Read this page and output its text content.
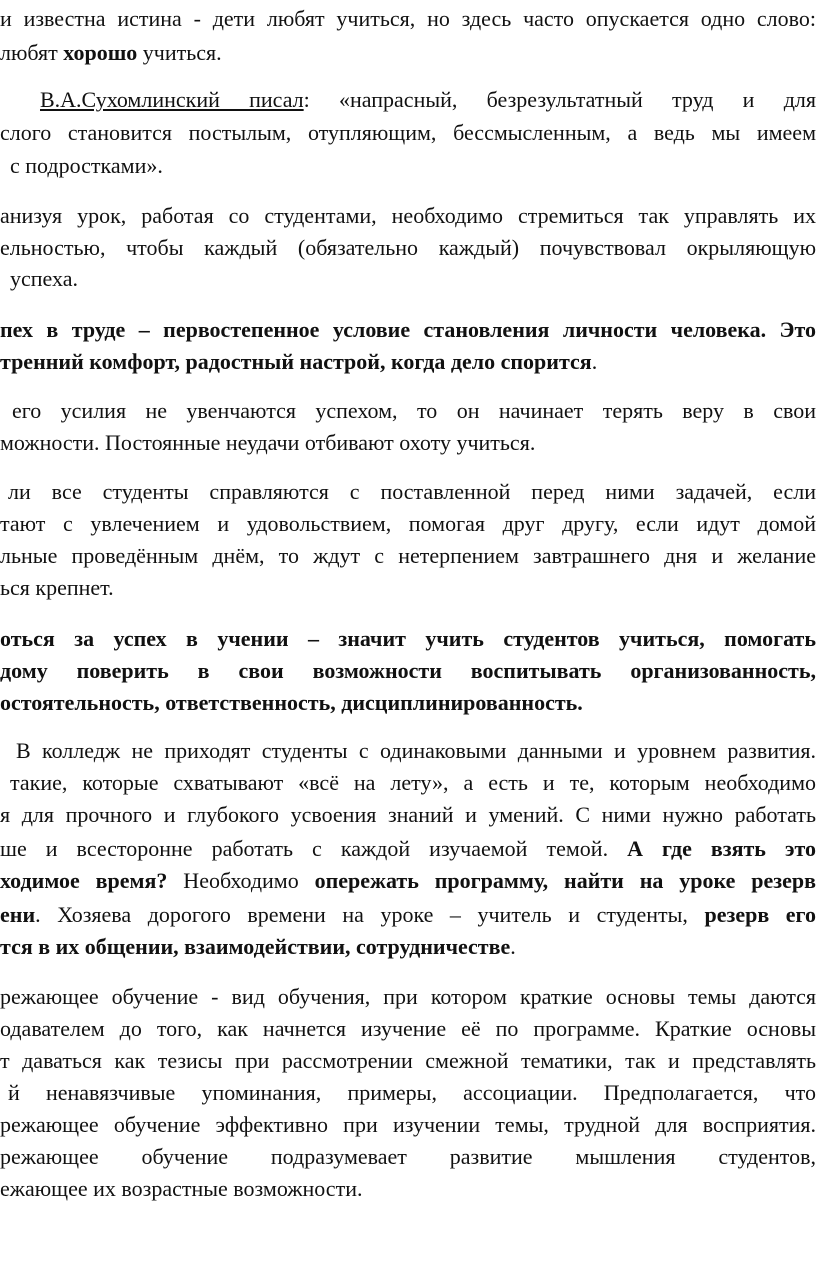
и известна истина - дети любят учиться, но здесь часто опускается одно слово:
любят хорошо учиться.
В.А.Сухомлинский писал: «напрасный, безрезультатный труд и для
слого становится постылым, отупляющим, бессмысленным, а ведь мы имеем
с подростками».
анизуя урок, работая со студентами, необходимо стремиться так управлять их
ельностью, чтобы каждый (обязательно каждый) почувствовал окрыляющую
успеха.
пех в труде – первостепенное условие становления личности человека. Это
тренний комфорт, радостный настрой, когда дело спорится.
его усилия не увенчаются успехом, то он начинает терять веру в свои
можности. Постоянные неудачи отбивают охоту учиться.
ли все студенты справляются с поставленной перед ними задачей, если
тают с увлечением и удовольствием, помогая друг другу, если идут домой
льные проведённым днём, то ждут с нетерпением завтрашнего дня и желание
ься крепнет.
оться за успех в учении – значит учить студентов учиться, помогать
дому поверить в свои возможности воспитывать организованность,
остоятельность, ответственность, дисциплинированность.
В колледж не приходят студенты с одинаковыми данными и уровнем развития.
такие, которые схватывают «всё на лету», а есть и те, которым необходимо
я для прочного и глубокого усвоения знаний и умений. С ними нужно работать
ше и всесторонне работать с каждой изучаемой темой. А где взять это
ходимое время? Необходимо опережать программу, найти на уроке резерв
ени. Хозяева дорогого времени на уроке – учитель и студенты, резерв его
тся в их общении, взаимодействии, сотрудничестве.
режающее обучение - вид обучения, при котором краткие основы темы даются
одавателем до того, как начнется изучение её по программе. Краткие основы
т даваться как тезисы при рассмотрении смежной тематики, так и представлять
й ненавязчивые упоминания, примеры, ассоциации. Предполагается, что
режающее обучение эффективно при изучении темы, трудной для восприятия.
режающее обучение подразумевает развитие мышления студентов,
ежающее их возрастные возможности.
